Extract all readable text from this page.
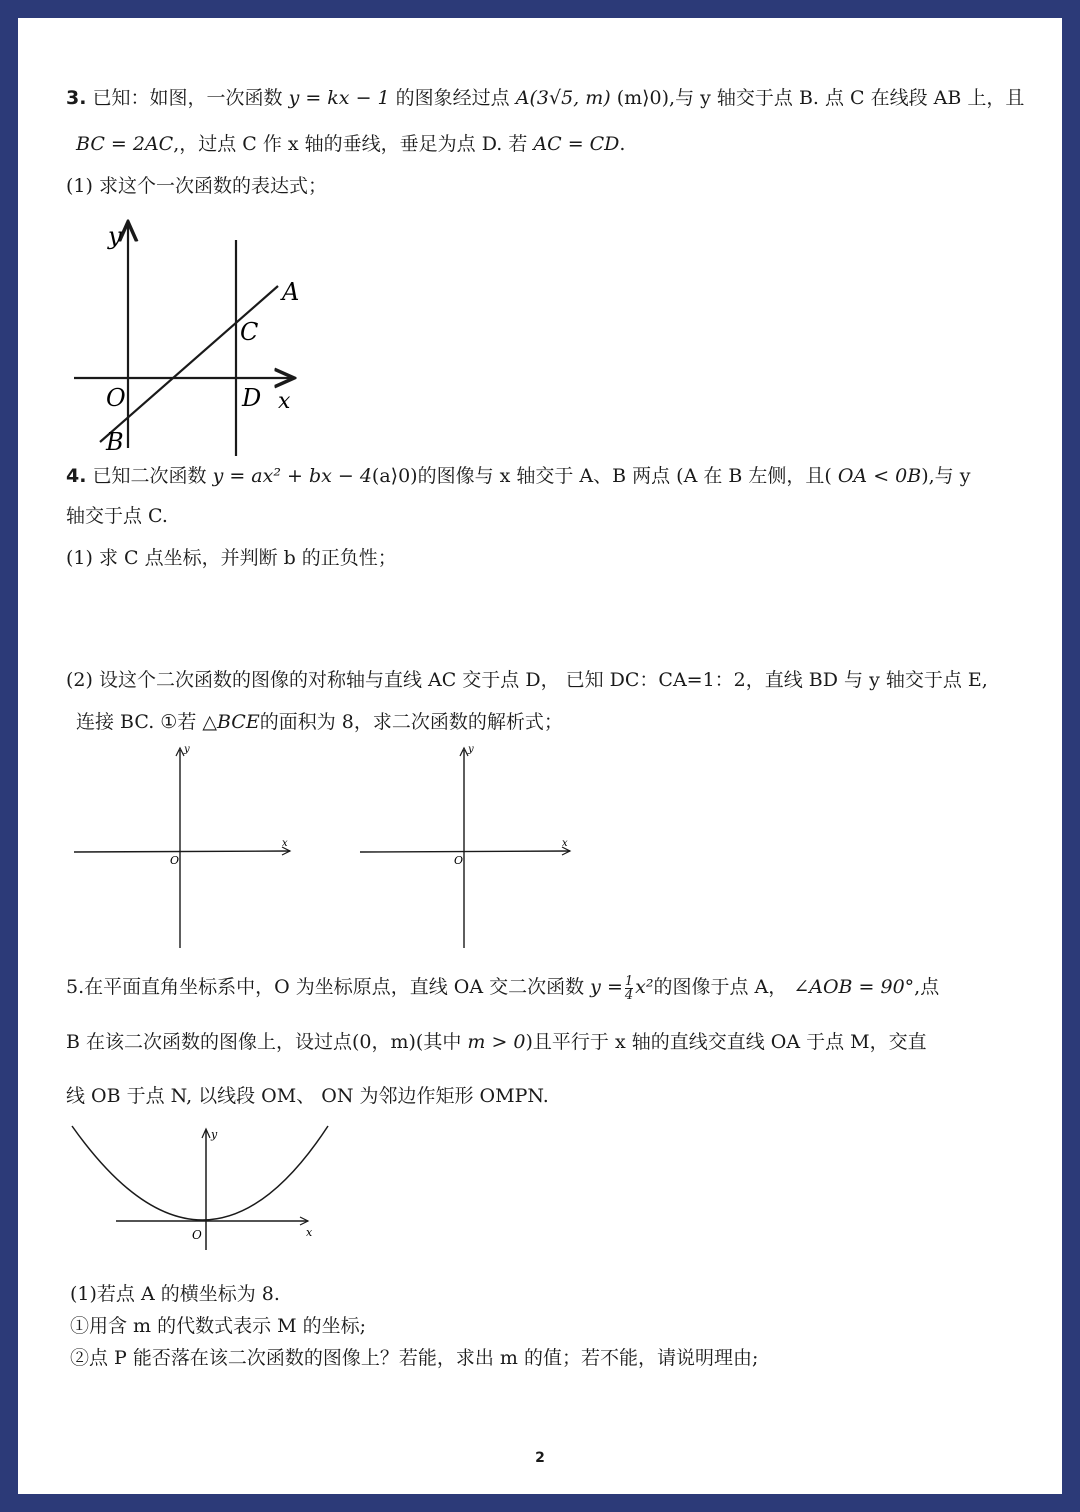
3. 已知：如图，一次函数 y = kx − 1 的图象经过点 A(3√5, m) (m⟩0),与 y 轴交于点 B. 点 C 在线段 AB 上，且
BC = 2AC,，过点 C 作 x 轴的垂线，垂足为点 D. 若 AC = CD.
(1) 求这个一次函数的表达式；
y
A
C
O	D x
B
4. 已知二次函数 y = ax² + bx − 4(a⟩0)的图像与 x 轴交于 A、B 两点 (A 在 B 左侧，且( OA < 0B),与 y
轴交于点 C.
(1) 求 C 点坐标，并判断 b 的正负性；
(2) 设这个二次函数的图像的对称轴与直线 AC 交于点 D， 已知 DC：CA=1：2，直线 BD 与 y 轴交于点 E,
连接 BC. ①若 △BCE的面积为 8，求二次函数的解析式；
y
x
O
y
x
O
5.在平面直角坐标系中，O 为坐标原点，直线 OA 交二次函数 $y = \frac{1}{4} x^2$的图像于点 A， ∠AOB = 90°,点
B 在该二次函数的图像上，设过点(0，m)(其中 m > 0)且平行于 x 轴的直线交直线 OA 于点 M，交直
线 OB 于点 N, 以线段 OM、 ON 为邻边作矩形 OMPN.
y
x
O
(1)若点 A 的横坐标为 8.
①用含 m 的代数式表示 M 的坐标;
②点 P 能否落在该二次函数的图像上？若能，求出 m 的值；若不能，请说明理由;
2
